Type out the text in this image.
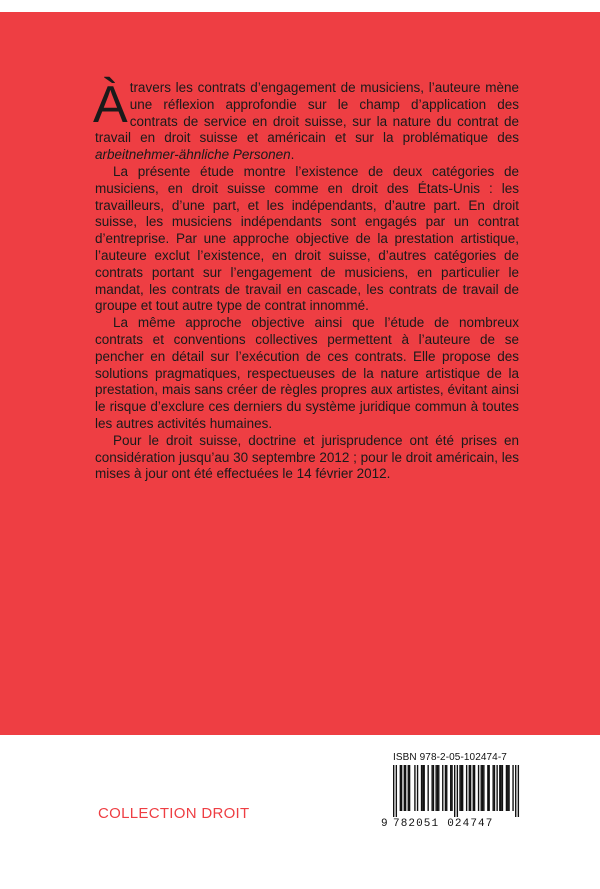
Àtravers les contrats d’engagement de musiciens, l’auteure mène une réflexion approfondie sur le champ d’application des contrats de service en droit suisse, sur la nature du contrat de travail en droit suisse et américain et sur la problématique des arbeitnehmer-ähnliche Personen.

La présente étude montre l’existence de deux catégories de musiciens, en droit suisse comme en droit des États-Unis : les travailleurs, d’une part, et les indépendants, d’autre part. En droit suisse, les musiciens indépendants sont engagés par un contrat d’entreprise. Par une approche objective de la prestation artistique, l’auteure exclut l’existence, en droit suisse, d’autres catégories de contrats portant sur l’engagement de musiciens, en particulier le mandat, les contrats de travail en cascade, les contrats de travail de groupe et tout autre type de contrat innommé.

La même approche objective ainsi que l’étude de nombreux contrats et conventions collectives permettent à l’auteure de se pencher en détail sur l’exécution de ces contrats. Elle propose des solutions pragmatiques, respectueuses de la nature artistique de la prestation, mais sans créer de règles propres aux artistes, évitant ainsi le risque d’exclure ces derniers du système juridique commun à toutes les autres activités humaines.

Pour le droit suisse, doctrine et jurisprudence ont été prises en considération jusqu’au 30 septembre 2012 ; pour le droit américain, les mises à jour ont été effectuées le 14 février 2012.

COLLECTION DROIT
ISBN 978-2-05-102474-7
9 782051 024747
